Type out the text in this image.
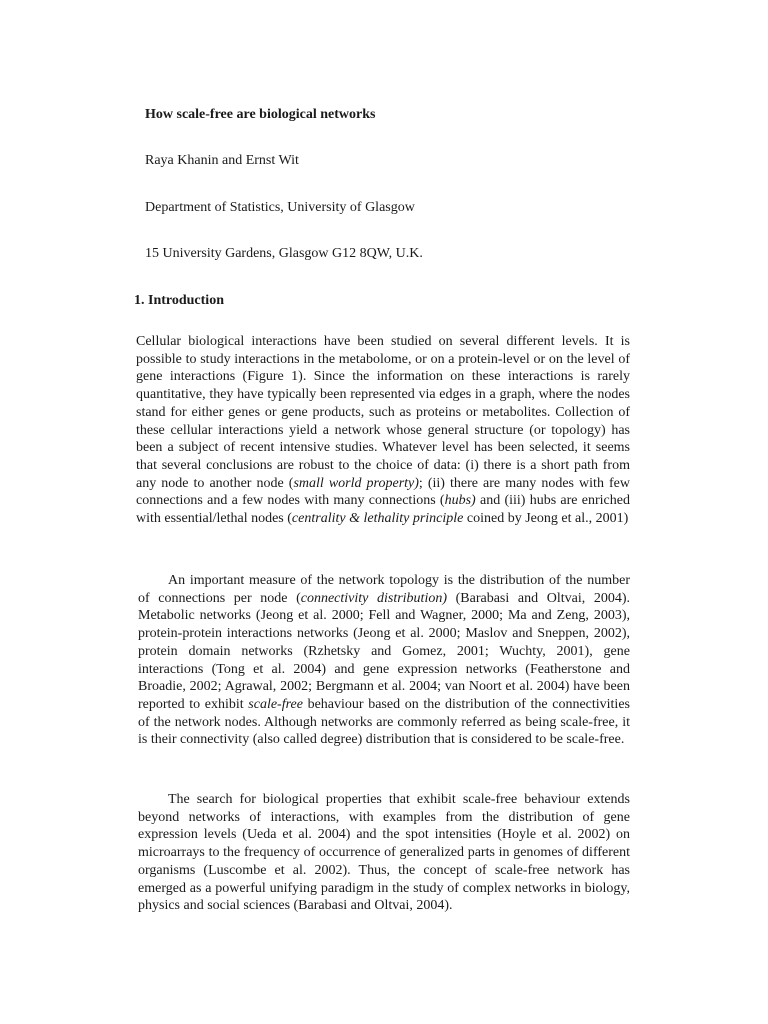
How scale-free are biological networks
Raya Khanin and Ernst Wit
Department of Statistics, University of Glasgow
15 University Gardens, Glasgow G12 8QW, U.K.
1. Introduction

Cellular biological interactions have been studied on several different levels. It is possible to study interactions in the metabolome, or on a protein-level or on the level of gene interactions (Figure 1). Since the information on these interactions is rarely quantitative, they have typically been represented via edges in a graph, where the nodes stand for either genes or gene products, such as proteins or metabolites. Collection of these cellular interactions yield a network whose general structure (or topology) has been a subject of recent intensive studies. Whatever level has been selected, it seems that several conclusions are robust to the choice of data: (i) there is a short path from any node to another node (small world property); (ii) there are many nodes with few connections and a few nodes with many connections (hubs) and (iii) hubs are enriched with essential/lethal nodes (centrality & lethality principle coined by Jeong et al., 2001)

An important measure of the network topology is the distribution of the number of connections per node (connectivity distribution) (Barabasi and Oltvai, 2004). Metabolic networks (Jeong et al. 2000; Fell and Wagner, 2000; Ma and Zeng, 2003), protein-protein interactions networks (Jeong et al. 2000; Maslov and Sneppen, 2002), protein domain networks (Rzhetsky and Gomez, 2001; Wuchty, 2001), gene interactions (Tong et al. 2004) and gene expression networks (Featherstone and Broadie, 2002; Agrawal, 2002; Bergmann et al. 2004; van Noort et al. 2004) have been reported to exhibit scale-free behaviour based on the distribution of the connectivities of the network nodes. Although networks are commonly referred as being scale-free, it is their connectivity (also called degree) distribution that is considered to be scale-free.

The search for biological properties that exhibit scale-free behaviour extends beyond networks of interactions, with examples from the distribution of gene expression levels (Ueda et al. 2004) and the spot intensities (Hoyle et al. 2002) on microarrays to the frequency of occurrence of generalized parts in genomes of different organisms (Luscombe et al. 2002). Thus, the concept of scale-free network has emerged as a powerful unifying paradigm in the study of complex networks in biology, physics and social sciences (Barabasi and Oltvai, 2004).
